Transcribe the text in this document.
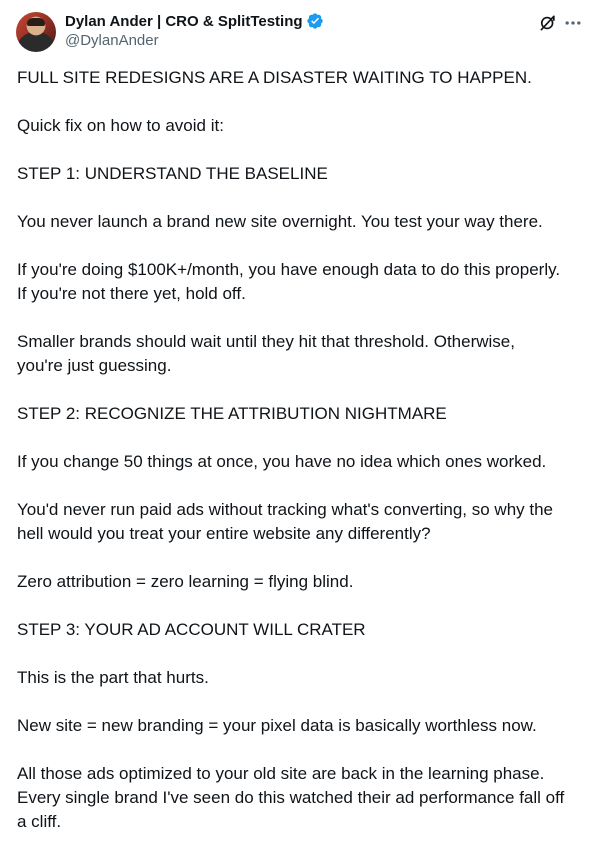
Dylan Ander | CRO & SplitTesting
@DylanAnder

FULL SITE REDESIGNS ARE A DISASTER WAITING TO HAPPEN.

Quick fix on how to avoid it:

STEP 1: UNDERSTAND THE BASELINE

You never launch a brand new site overnight. You test your way there.

If you're doing $100K+/month, you have enough data to do this properly.
If you're not there yet, hold off.

Smaller brands should wait until they hit that threshold. Otherwise,
you're just guessing.

STEP 2: RECOGNIZE THE ATTRIBUTION NIGHTMARE

If you change 50 things at once, you have no idea which ones worked.

You'd never run paid ads without tracking what's converting, so why the
hell would you treat your entire website any differently?

Zero attribution = zero learning = flying blind.

STEP 3: YOUR AD ACCOUNT WILL CRATER

This is the part that hurts.

New site = new branding = your pixel data is basically worthless now.

All those ads optimized to your old site are back in the learning phase.
Every single brand I've seen do this watched their ad performance fall off
a cliff.
